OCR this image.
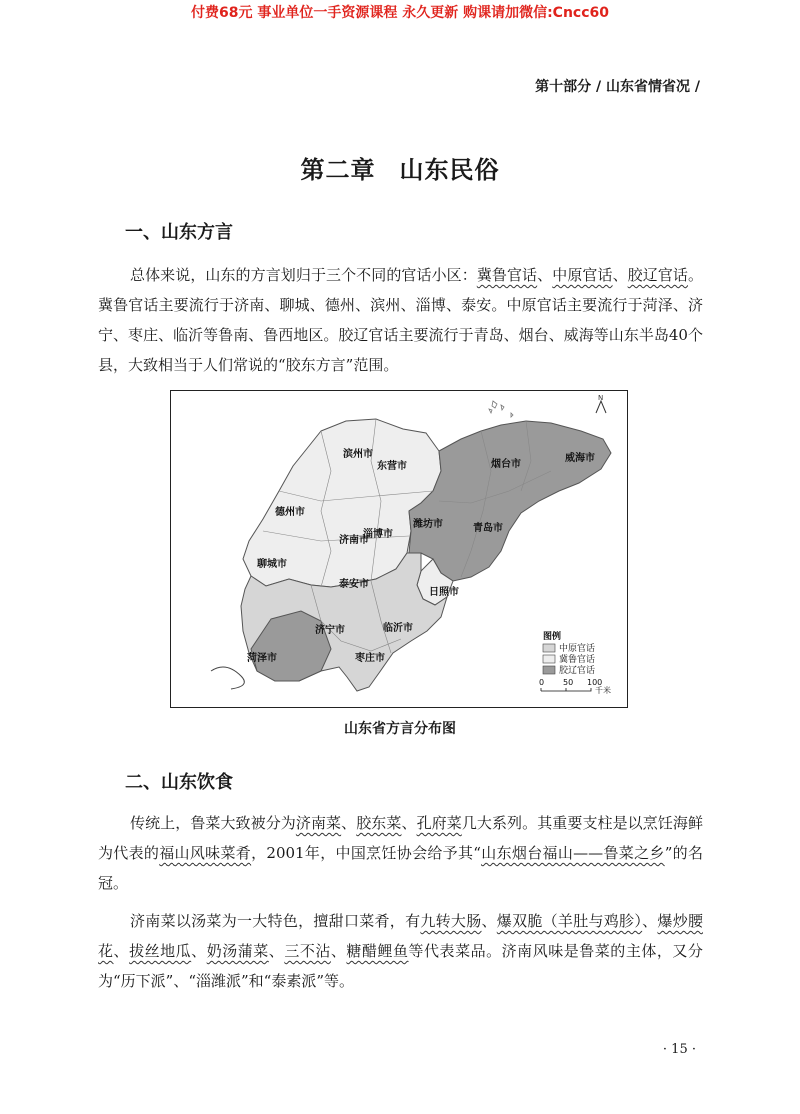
付费68元 事业单位一手资源课程 永久更新 购课请加微信:Cncc60
第十部分 / 山东省情省况 /
第二章 山东民俗
一、山东方言

总体来说，山东的方言划归于三个不同的官话小区：冀鲁官话、中原官话、胶辽官话。冀鲁官话主要流行于济南、聊城、德州、滨州、淄博、泰安。中原官话主要流行于菏泽、济宁、枣庄、临沂等鲁南、鲁西地区。胶辽官话主要流行于青岛、烟台、威海等山东半岛40个县，大致相当于人们常说的“胶东方言”范围。

滨州市
东营市	烟台市
威海市
德州市
潍坊市	青岛市
淄博市
济南市
聊城市
泰安市
日照市
济宁市	临沂市
菏泽市	枣庄市
N
图例
中原官话
冀鲁官话
胶辽官话
0 50 100
千米
山东省方言分布图
二、山东饮食

传统上，鲁菜大致被分为济南菜、胶东菜、孔府菜几大系列。其重要支柱是以烹饪海鲜为代表的福山风味菜肴，2001年，中国烹饪协会给予其“山东烟台福山——鲁菜之乡”的名冠。

济南菜以汤菜为一大特色，擅甜口菜肴，有九转大肠、爆双脆（羊肚与鸡胗）、爆炒腰花、拔丝地瓜、奶汤蒲菜、三不沾、糖醋鲤鱼等代表菜品。济南风味是鲁菜的主体，又分为“历下派”、“淄潍派”和“泰素派”等。

· 15 ·
